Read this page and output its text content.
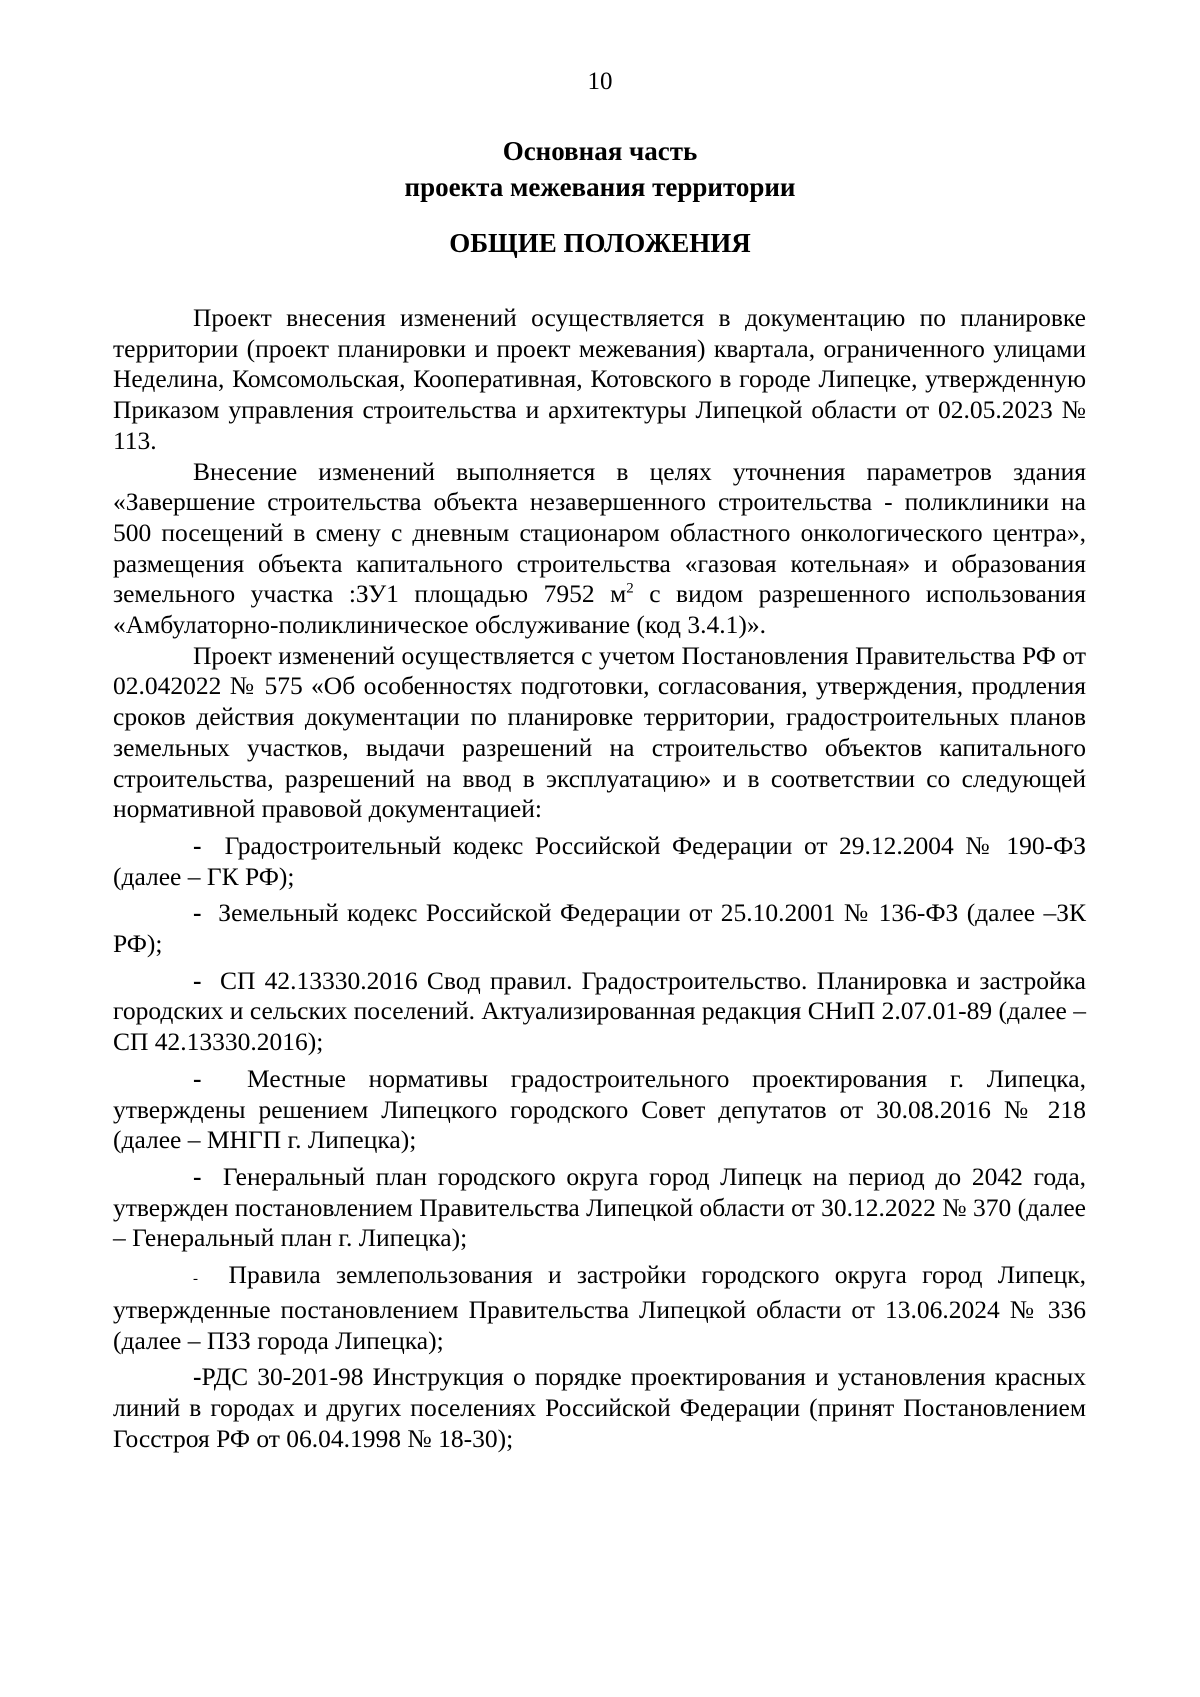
10
Основная часть
проекта межевания территории
ОБЩИЕ ПОЛОЖЕНИЯ

Проект внесения изменений осуществляется в документацию по планировке территории (проект планировки и проект межевания) квартала, ограниченного улицами Неделина, Комсомольская, Кооперативная, Котовского в городе Липецке, утвержденную Приказом управления строительства и архитектуры Липецкой области от 02.05.2023 № 113.

Внесение изменений выполняется в целях уточнения параметров здания «Завершение строительства объекта незавершенного строительства - поликлиники на 500 посещений в смену с дневным стационаром областного онкологического центра», размещения объекта капитального строительства «газовая котельная» и образования земельного участка :ЗУ1 площадью 7952 $м^2$ с видом разрешенного использования «Амбулаторно-поликлиническое обслуживание (код 3.4.1)».

Проект изменений осуществляется с учетом Постановления Правительства РФ от 02.042022 № 575 «Об особенностях подготовки, согласования, утверждения, продления сроков действия документации по планировке территории, градостроительных планов земельных участков, выдачи разрешений на строительство объектов капитального строительства, разрешений на ввод в эксплуатацию» и в соответствии со следующей нормативной правовой документацией:

- Градостроительный кодекс Российской Федерации от 29.12.2004 № 190-ФЗ (далее – ГК РФ);

- Земельный кодекс Российской Федерации от 25.10.2001 № 136-ФЗ (далее –ЗК РФ);

- СП 42.13330.2016 Свод правил. Градостроительство. Планировка и застройка городских и сельских поселений. Актуализированная редакция СНиП 2.07.01-89 (далее – СП 42.13330.2016);

- Местные нормативы градостроительного проектирования г. Липецка, утверждены решением Липецкого городского Совет депутатов от 30.08.2016 № 218 (далее – МНГП г. Липецка);

- Генеральный план городского округа город Липецк на период до 2042 года, утвержден постановлением Правительства Липецкой области от 30.12.2022 № 370 (далее – Генеральный план г. Липецка);

- Правила землепользования и застройки городского округа город Липецк, утвержденные постановлением Правительства Липецкой области от 13.06.2024 № 336 (далее – ПЗЗ города Липецка);

-РДС 30-201-98 Инструкция о порядке проектирования и установления красных линий в городах и других поселениях Российской Федерации (принят Постановлением Госстроя РФ от 06.04.1998 № 18-30);
